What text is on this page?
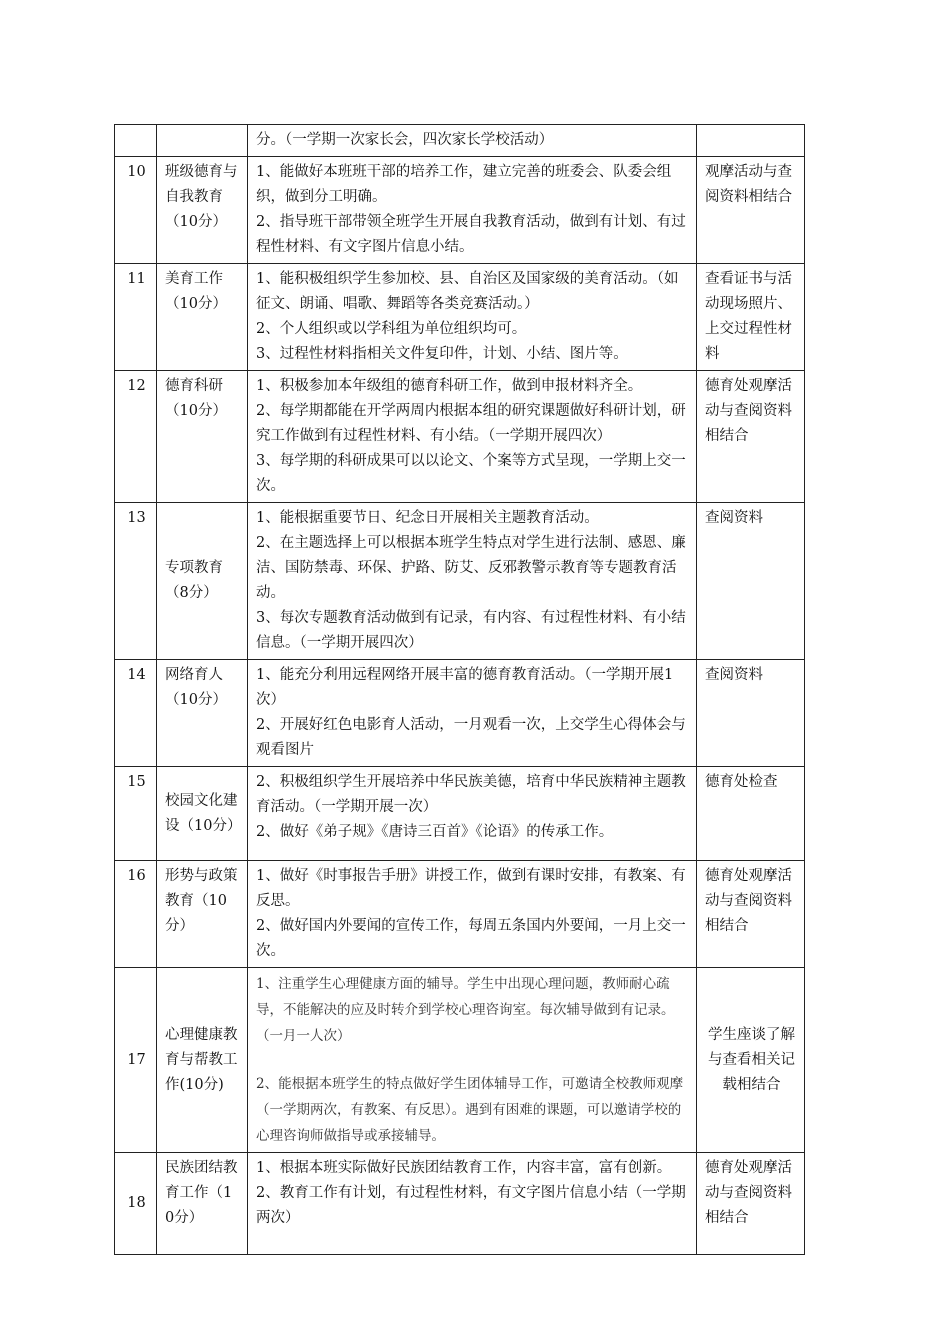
		分。（一学期一次家长会，四次家长学校活动）	

10	班级德育与自我教育（10分）	1、能做好本班班干部的培养工作，建立完善的班委会、队委会组织，做到分工明确。
2、指导班干部带领全班学生开展自我教育活动，做到有计划、有过程性材料、有文字图片信息小结。	观摩活动与查阅资料相结合
11	美育工作（10分）	1、能积极组织学生参加校、县、自治区及国家级的美育活动。（如征文、朗诵、唱歌、舞蹈等各类竞赛活动。）
2、个人组织或以学科组为单位组织均可。
3、过程性材料指相关文件复印件，计划、小结、图片等。	查看证书与活动现场照片、上交过程性材料
12	德育科研（10分）	1、积极参加本年级组的德育科研工作，做到申报材料齐全。
2、每学期都能在开学两周内根据本组的研究课题做好科研计划，研究工作做到有过程性材料、有小结。（一学期开展四次）
3、每学期的科研成果可以以论文、个案等方式呈现，一学期上交一次。	德育处观摩活动与查阅资料相结合
13	专项教育（8分）	1、能根据重要节日、纪念日开展相关主题教育活动。
2、在主题选择上可以根据本班学生特点对学生进行法制、感恩、廉洁、国防禁毒、环保、护路、防艾、反邪教警示教育等专题教育活动。
3、每次专题教育活动做到有记录，有内容、有过程性材料、有小结信息。（一学期开展四次）	查阅资料
14	网络育人（10分）	1、能充分利用远程网络开展丰富的德育教育活动。（一学期开展1次）
2、开展好红色电影育人活动，一月观看一次，上交学生心得体会与观看图片	查阅资料
15	校园文化建设（10分）	2、积极组织学生开展培养中华民族美德，培育中华民族精神主题教育活动。（一学期开展一次）
2、做好《弟子规》《唐诗三百首》《论语》的传承工作。	德育处检查
16	形势与政策教育（10分）	1、做好《时事报告手册》讲授工作，做到有课时安排，有教案、有反思。
2、做好国内外要闻的宣传工作，每周五条国内外要闻，一月上交一次。	德育处观摩活动与查阅资料相结合
17	心理健康教育与帮教工作(10分)	1、注重学生心理健康方面的辅导。学生中出现心理问题，教师耐心疏导，不能解决的应及时转介到学校心理咨询室。每次辅导做到有记录。（一月一人次）
2、能根据本班学生的特点做好学生团体辅导工作，可邀请全校教师观摩（一学期两次，有教案、有反思）。遇到有困难的课题，可以邀请学校的心理咨询师做指导或承接辅导。	学生座谈了解与查看相关记载相结合
18	民族团结教育工作（10分）	1、根据本班实际做好民族团结教育工作，内容丰富，富有创新。
2、教育工作有计划，有过程性材料，有文字图片信息小结（一学期两次）	德育处观摩活动与查阅资料相结合
